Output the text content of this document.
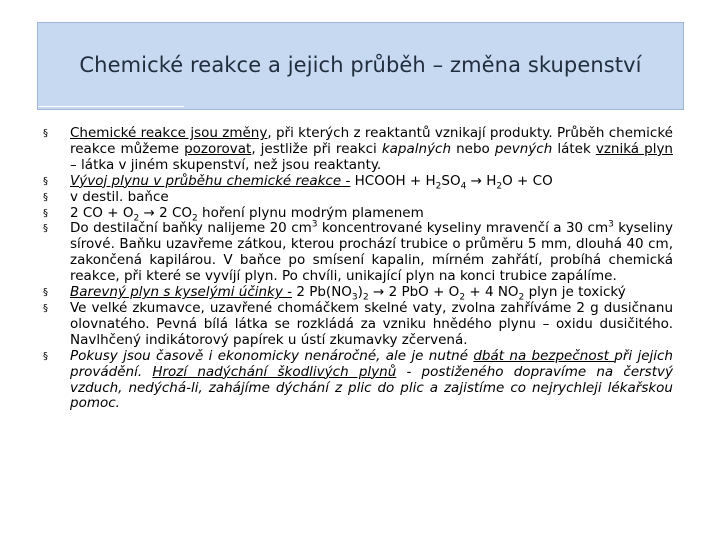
Chemické reakce a jejich průběh – změna skupenství
§ Chemické reakce jsou změny, při kterých z reaktantů vznikají produkty. Průběh chemické reakce můžeme pozorovat, jestliže při reakci kapalných nebo pevných látek vzniká plyn – látka v jiném skupenství, než jsou reaktanty.
§ Vývoj plynu v průběhu chemické reakce - HCOOH + $H_2SO_4 \to H_2O$ + CO
§ v destil. baňce
§ 2 CO + $O_2 \to 2$ $CO_2$ hoření plynu modrým plamenem
§ Do destilační baňky nalijeme 20 $cm^3$ koncentrované kyseliny mravenčí a 30 $cm^3$ kyseliny sírové. Baňku uzavřeme zátkou, kterou prochází trubice o průměru 5 mm, dlouhá 40 cm, zakončená kapilárou. V baňce po smísení kapalin, mírném zahřátí, probíhá chemická reakce, při které se vyvíjí plyn. Po chvíli, unikající plyn na konci trubice zapálíme.
§ Barevný plyn s kyselými účinky - 2 $Pb(NO_3)_2 \to 2$ PbO + $O_2 + 4$ $NO_2$ plyn je toxický
§ Ve velké zkumavce, uzavřené chomáčkem skelné vaty, zvolna zahříváme 2 g dusičnanu olovnatého. Pevná bílá látka se rozkládá za vzniku hnědého plynu – oxidu dusičitého. Navlhčený indikátorový papírek u ústí zkumavky zčervená.
§ Pokusy jsou časově i ekonomicky nenáročné, ale je nutné dbát na bezpečnost při jejich provádění. Hrozí nadýchání škodlivých plynů - postiženého dopravíme na čerstvý vzduch, nedýchá-li, zahájíme dýchání z plic do plic a zajistíme co nejrychleji lékařskou pomoc.
